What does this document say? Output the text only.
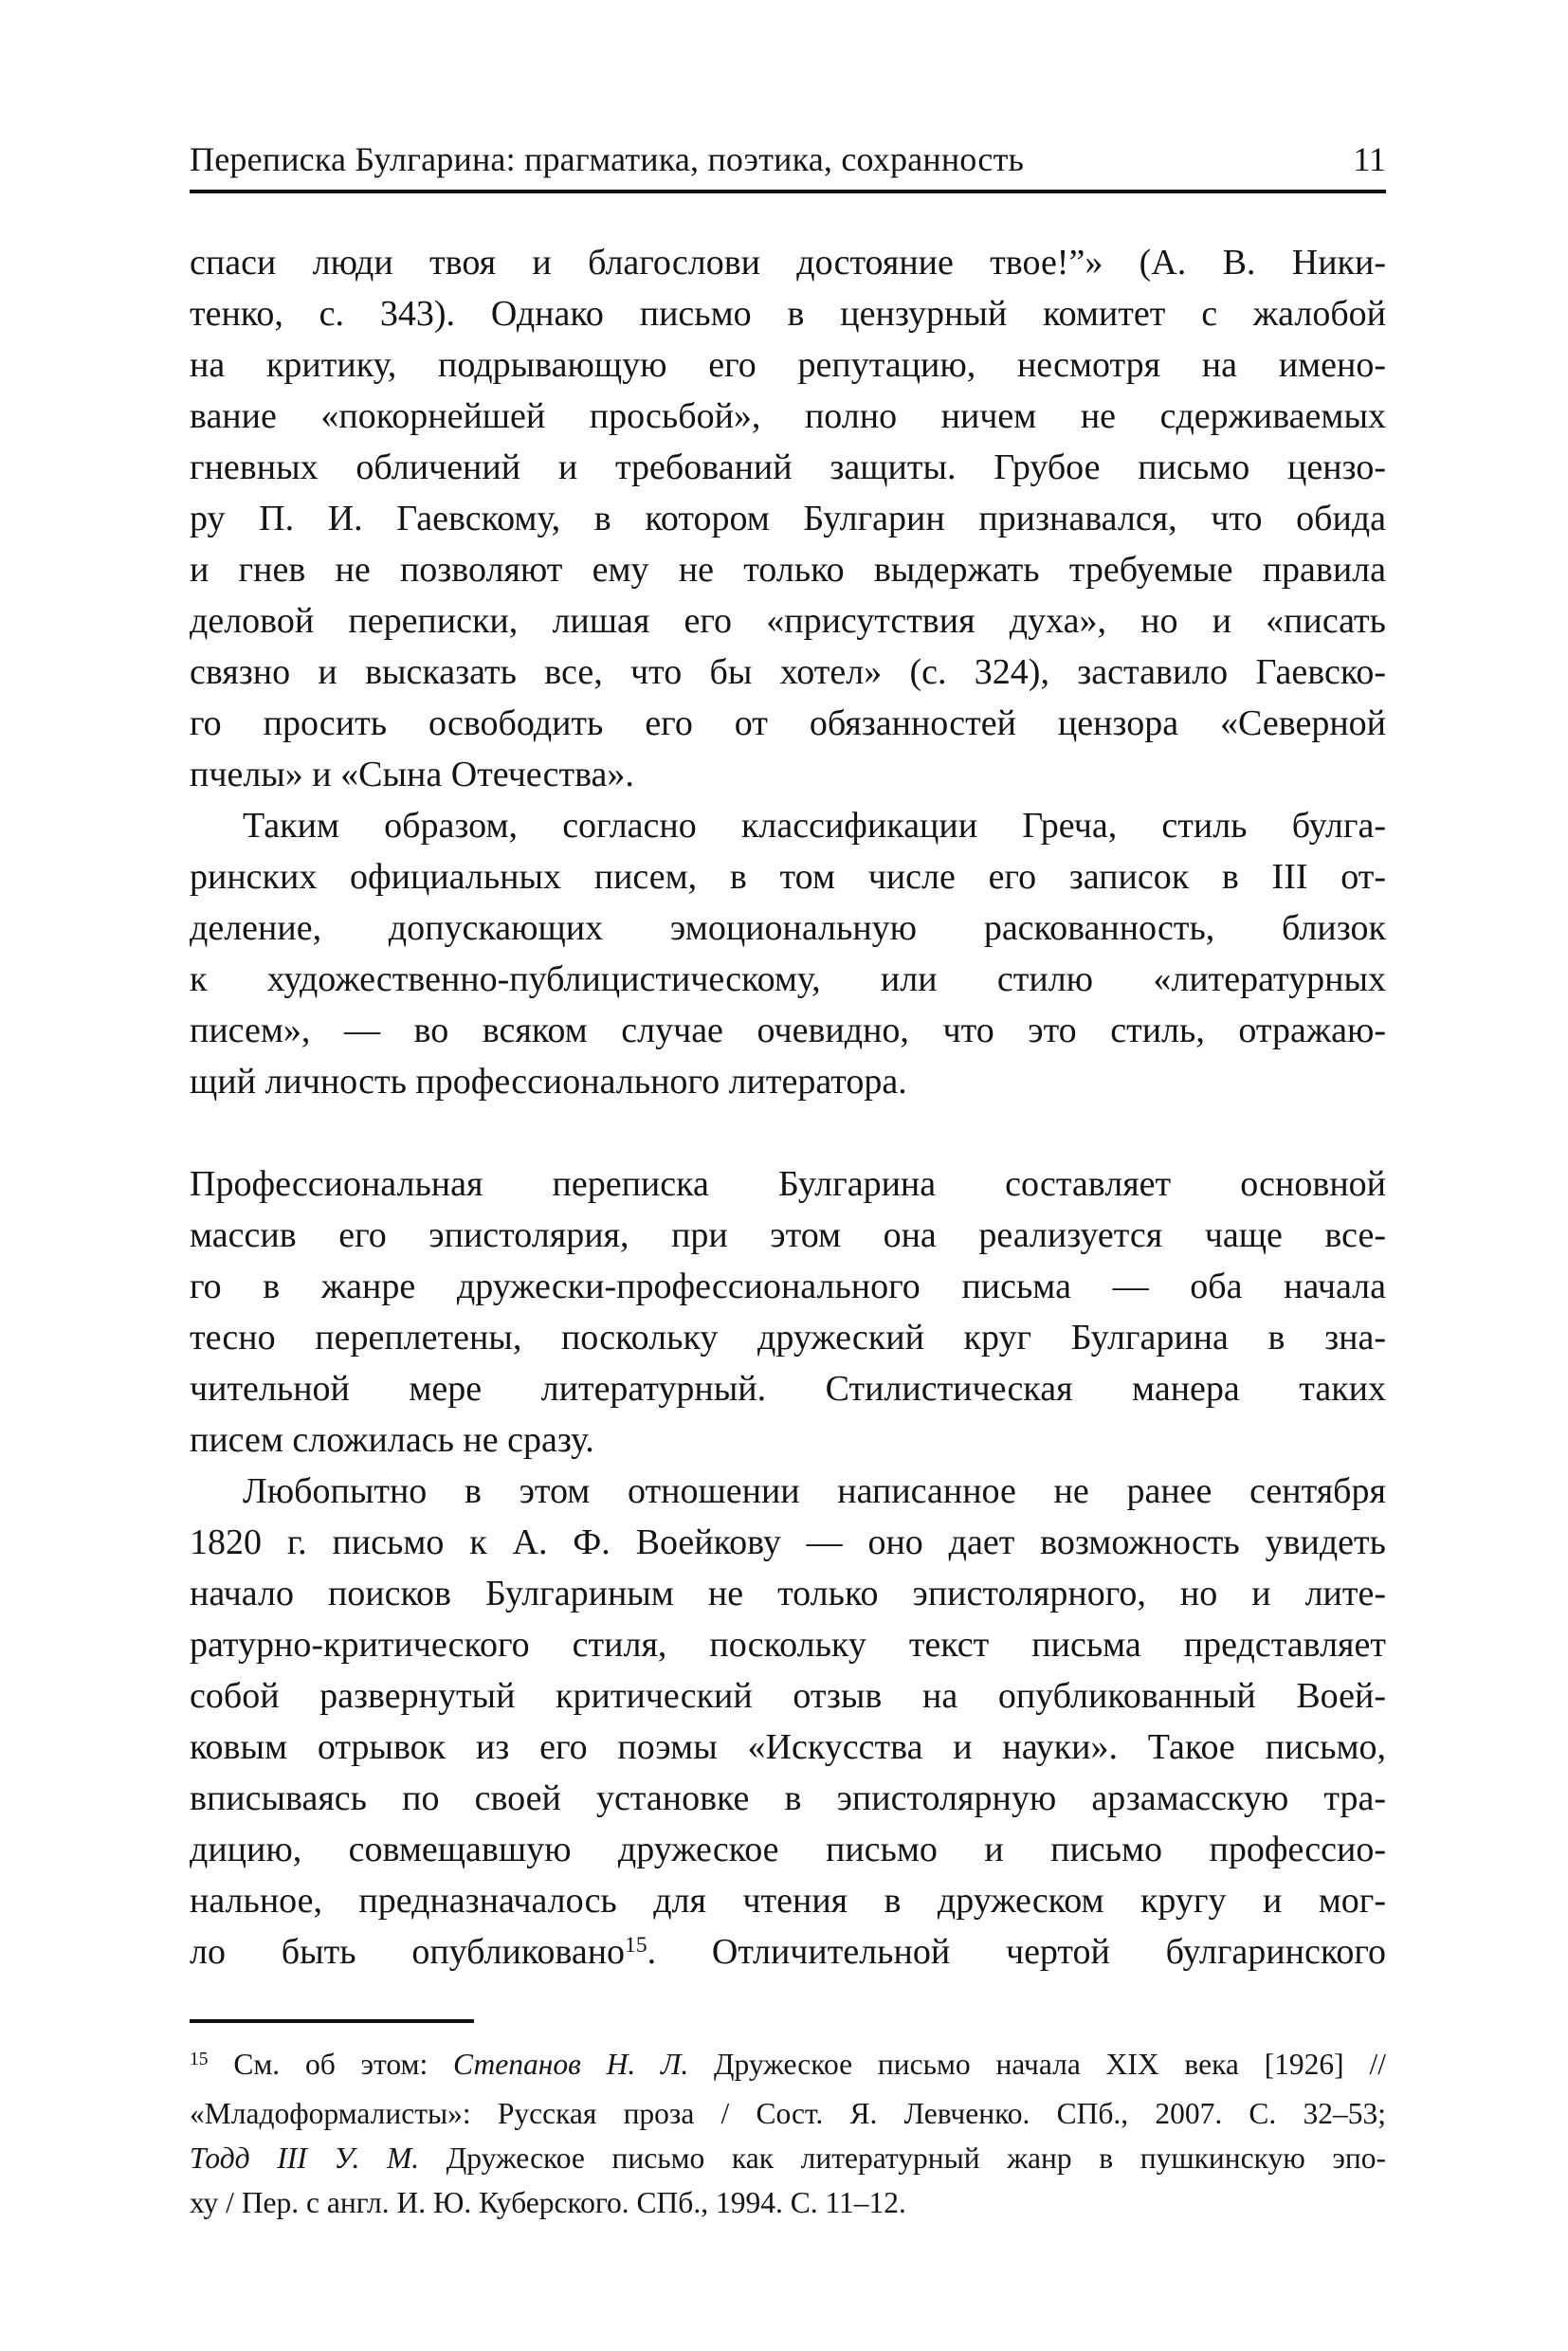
Переписка Булгарина: прагматика, поэтика, сохранность	11
спаси люди твоя и благослови достояние твое!”» (А. В. Ники-
тенко, с. 343). Однако письмо в цензурный комитет с жалобой
на критику, подрывающую его репутацию, несмотря на имено-
вание «покорнейшей просьбой», полно ничем не сдерживаемых
гневных обличений и требований защиты. Грубое письмо цензо-
ру П. И. Гаевскому, в котором Булгарин признавался, что обида
и гнев не позволяют ему не только выдержать требуемые правила
деловой переписки, лишая его «присутствия духа», но и «писать
связно и высказать все, что бы хотел» (с. 324), заставило Гаевско-
го просить освободить его от обязанностей цензора «Северной
пчелы» и «Сына Отечества».
Таким образом, согласно классификации Греча, стиль булга-
ринских официальных писем, в том числе его записок в III от-
деление, допускающих эмоциональную раскованность, близок
к художественно-публицистическому, или стилю «литературных
писем», — во всяком случае очевидно, что это стиль, отражаю-
щий личность профессионального литератора.
Профессиональная переписка Булгарина составляет основной
массив его эпистолярия, при этом она реализуется чаще все-
го в жанре дружески-профессионального письма — оба начала
тесно переплетены, поскольку дружеский круг Булгарина в зна-
чительной мере литературный. Стилистическая манера таких
писем сложилась не сразу.
Любопытно в этом отношении написанное не ранее сентября
1820 г. письмо к А. Ф. Воейкову — оно дает возможность увидеть
начало поисков Булгариным не только эпистолярного, но и лите-
ратурно-критического стиля, поскольку текст письма представляет
собой развернутый критический отзыв на опубликованный Воей-
ковым отрывок из его поэмы «Искусства и науки». Такое письмо,
вписываясь по своей установке в эпистолярную арзамасскую тра-
дицию, совмещавшую дружеское письмо и письмо профессио-
нальное, предназначалось для чтения в дружеском кругу и мог-
ло быть опубликовано$^{15}$. Отличительной чертой булгаринского
$^{15}$ См. об этом: Степанов Н. Л. Дружеское письмо начала XIX века [1926] //
«Младоформалисты»: Русская проза / Сост. Я. Левченко. СПб., 2007. С. 32–53;
Тодд III У. М. Дружеское письмо как литературный жанр в пушкинскую эпо-
ху / Пер. с англ. И. Ю. Куберского. СПб., 1994. С. 11–12.
